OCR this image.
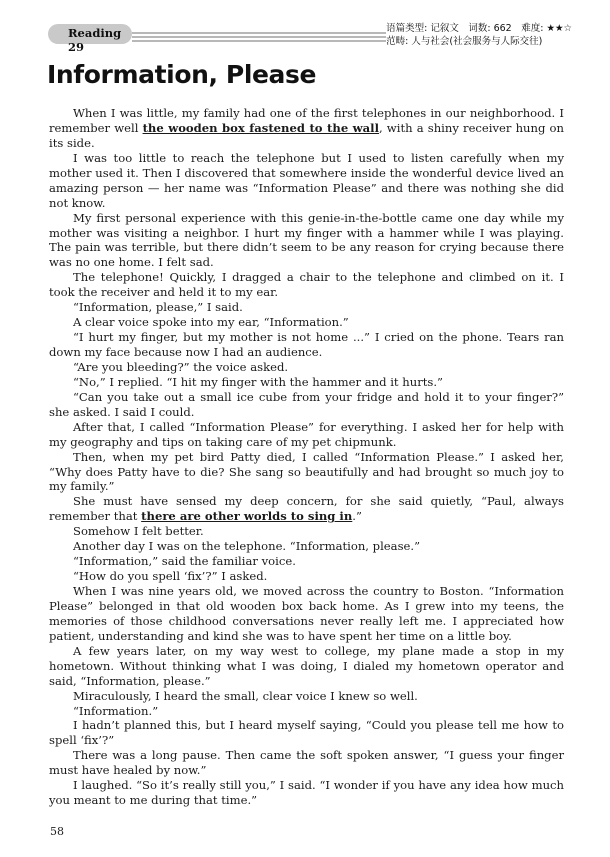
Reading 29
语篇类型: 记叙文　词数: 662　难度: ★★☆
范畴: 人与社会(社会服务与人际交往)
Information, Please

When I was little, my family had one of the first telephones in our neighborhood. I remember well the wooden box fastened to the wall, with a shiny receiver hung on its side.

I was too little to reach the telephone but I used to listen carefully when my mother used it. Then I discovered that somewhere inside the wonderful device lived an amazing person — her name was “Information Please” and there was nothing she did not know.

My first personal experience with this genie-in-the-bottle came one day while my mother was visiting a neighbor. I hurt my finger with a hammer while I was playing. The pain was terrible, but there didn’t seem to be any reason for crying because there was no one home. I felt sad.

The telephone! Quickly, I dragged a chair to the telephone and climbed on it. I took the receiver and held it to my ear.

“Information, please,” I said.

A clear voice spoke into my ear, “Information.”

“I hurt my finger, but my mother is not home ...” I cried on the phone. Tears ran down my face because now I had an audience.

“Are you bleeding?” the voice asked.

“No,” I replied. “I hit my finger with the hammer and it hurts.”

“Can you take out a small ice cube from your fridge and hold it to your finger?” she asked. I said I could.

After that, I called “Information Please” for everything. I asked her for help with my geography and tips on taking care of my pet chipmunk.

Then, when my pet bird Patty died, I called “Information Please.” I asked her, “Why does Patty have to die? She sang so beautifully and had brought so much joy to my family.”

She must have sensed my deep concern, for she said quietly, “Paul, always remember that there are other worlds to sing in.”

Somehow I felt better.

Another day I was on the telephone. “Information, please.”

“Information,” said the familiar voice.

“How do you spell ‘fix’?” I asked.

When I was nine years old, we moved across the country to Boston. “Information Please” belonged in that old wooden box back home. As I grew into my teens, the memories of those childhood conversations never really left me. I appreciated how patient, understanding and kind she was to have spent her time on a little boy.

A few years later, on my way west to college, my plane made a stop in my hometown. Without thinking what I was doing, I dialed my hometown operator and said, “Information, please.”

Miraculously, I heard the small, clear voice I knew so well.

“Information.”

I hadn’t planned this, but I heard myself saying, “Could you please tell me how to spell ‘fix’?”

There was a long pause. Then came the soft spoken answer, “I guess your finger must have healed by now.”

I laughed. “So it’s really still you,” I said. “I wonder if you have any idea how much you meant to me during that time.”

58
